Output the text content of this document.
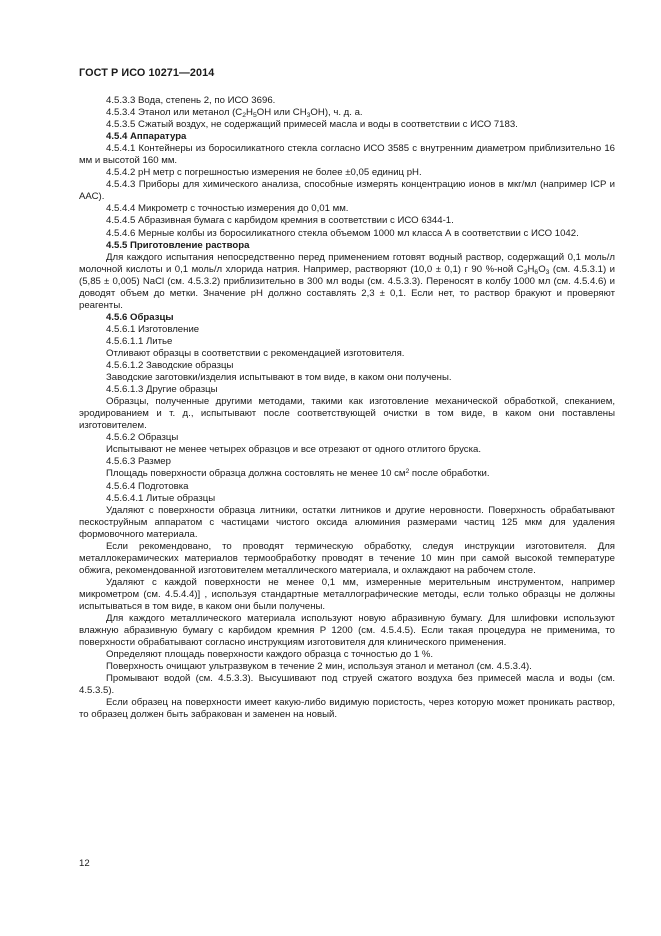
ГОСТ Р ИСО 10271—2014

4.5.3.3 Вода, степень 2, по ИСО 3696.

4.5.3.4 Этанол или метанол ($C_2H_5OH$ или $CH_3OH$), ч. д. а.

4.5.3.5 Сжатый воздух, не содержащий примесей масла и воды в соответствии с ИСО 7183.

4.5.4 Аппаратура

4.5.4.1 Контейнеры из боросиликатного стекла согласно ИСО 3585 с внутренним диаметром приблизительно 16 мм и высотой 160 мм.

4.5.4.2 pH метр с погрешностью измерения не более ±0,05 единиц pH.

4.5.4.3 Приборы для химического анализа, способные измерять концентрацию ионов в мкг/мл (например ICP и ААС).

4.5.4.4 Микрометр с точностью измерения до 0,01 мм.

4.5.4.5 Абразивная бумага с карбидом кремния в соответствии с ИСО 6344-1.

4.5.4.6 Мерные колбы из боросиликатного стекла объемом 1000 мл класса А в соответствии с ИСО 1042.

4.5.5 Приготовление раствора

Для каждого испытания непосредственно перед применением готовят водный раствор, содержащий 0,1 моль/л молочной кислоты и 0,1 моль/л хлорида натрия. Например, растворяют (10,0 ± 0,1) г 90 %-ной $C_3H_6O_3$ (см. 4.5.3.1) и (5,85 ± 0,005) NaCl (см. 4.5.3.2) приблизительно в 300 мл воды (см. 4.5.3.3). Переносят в колбу 1000 мл (см. 4.5.4.6) и доводят объем до метки. Значение pH должно составлять 2,3 ± 0,1. Если нет, то раствор бракуют и проверяют реагенты.

4.5.6 Образцы

4.5.6.1 Изготовление

4.5.6.1.1 Литье

Отливают образцы в соответствии с рекомендацией изготовителя.

4.5.6.1.2 Заводские образцы

Заводские заготовки/изделия испытывают в том виде, в каком они получены.

4.5.6.1.3 Другие образцы

Образцы, полученные другими методами, такими как изготовление механической обработкой, спеканием, эродированием и т. д., испытывают после соответствующей очистки в том виде, в каком они поставлены изготовителем.

4.5.6.2 Образцы

Испытывают не менее четырех образцов и все отрезают от одного отлитого бруска.

4.5.6.3 Размер

Площадь поверхности образца должна состовлять не менее 10 $см^2$ после обработки.

4.5.6.4 Подготовка

4.5.6.4.1 Литые образцы

Удаляют с поверхности образца литники, остатки литников и другие неровности. Поверхность обрабатывают пескоструйным аппаратом с частицами чистого оксида алюминия размерами частиц 125 мкм для удаления формовочного материала.

Если рекомендовано, то проводят термическую обработку, следуя инструкции изготовителя. Для металлокерамических материалов термообработку проводят в течение 10 мин при самой высокой температуре обжига, рекомендованной изготовителем металлического материала, и охлаждают на рабочем столе.

Удаляют с каждой поверхности не менее 0,1 мм, измеренные мерительным инструментом, например микрометром (см. 4.5.4.4)] , используя стандартные металлографические методы, если только образцы не должны испытываться в том виде, в каком они были получены.

Для каждого металлического материала используют новую абразивную бумагу. Для шлифовки используют влажную абразивную бумагу с карбидом кремния Р 1200 (см. 4.5.4.5). Если такая процедура не применима, то поверхности обрабатывают согласно инструкциям изготовителя для клинического применения.

Определяют площадь поверхности каждого образца с точностью до 1 %.

Поверхность очищают ультразвуком в течение 2 мин, используя этанол и метанол (см. 4.5.3.4).

Промывают водой (см. 4.5.3.3). Высушивают под струей сжатого воздуха без примесей масла и воды (см. 4.5.3.5).

Если образец на поверхности имеет какую-либо видимую пористость, через которую может проникать раствор, то образец должен быть забракован и заменен на новый.

12
